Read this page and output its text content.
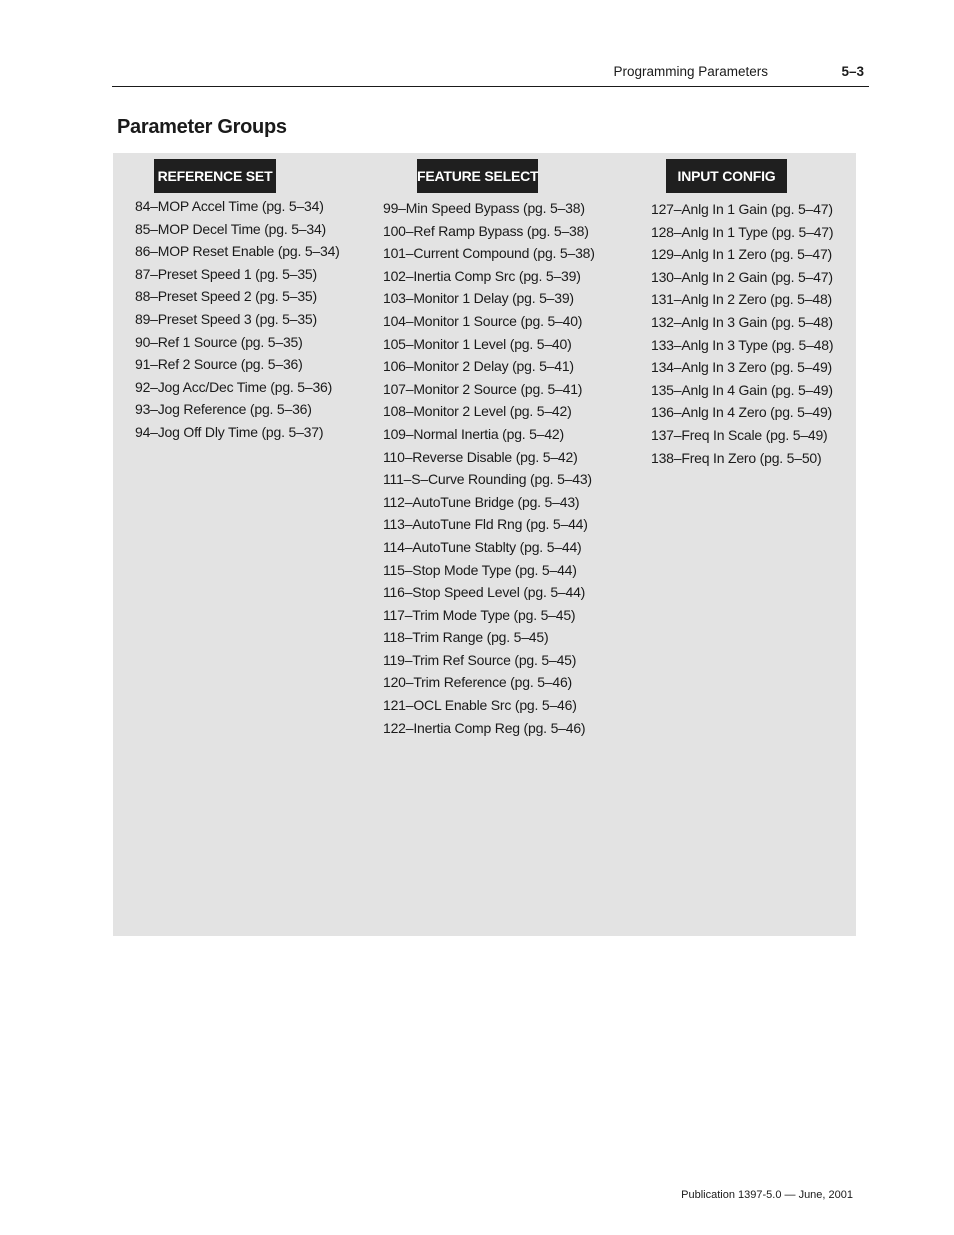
Programming Parameters	5–3
Parameter Groups
REFERENCE SET
84–MOP Accel Time (pg. 5–34)
85–MOP Decel Time (pg. 5–34)
86–MOP Reset Enable (pg. 5–34)
87–Preset Speed 1 (pg. 5–35)
88–Preset Speed 2 (pg. 5–35)
89–Preset Speed 3 (pg. 5–35)
90–Ref 1 Source (pg. 5–35)
91–Ref 2 Source (pg. 5–36)
92–Jog Acc/Dec Time (pg. 5–36)
93–Jog Reference (pg. 5–36)
94–Jog Off Dly Time (pg. 5–37)
FEATURE SELECT
99–Min Speed Bypass (pg. 5–38)
100–Ref Ramp Bypass (pg. 5–38)
101–Current Compound (pg. 5–38)
102–Inertia Comp Src (pg. 5–39)
103–Monitor 1 Delay (pg. 5–39)
104–Monitor 1 Source (pg. 5–40)
105–Monitor 1 Level (pg. 5–40)
106–Monitor 2 Delay (pg. 5–41)
107–Monitor 2 Source (pg. 5–41)
108–Monitor 2 Level (pg. 5–42)
109–Normal Inertia (pg. 5–42)
110–Reverse Disable (pg. 5–42)
111–S–Curve Rounding (pg. 5–43)
112–AutoTune Bridge (pg. 5–43)
113–AutoTune Fld Rng (pg. 5–44)
114–AutoTune Stablty (pg. 5–44)
115–Stop Mode Type (pg. 5–44)
116–Stop Speed Level (pg. 5–44)
117–Trim Mode Type (pg. 5–45)
118–Trim Range (pg. 5–45)
119–Trim Ref Source (pg. 5–45)
120–Trim Reference (pg. 5–46)
121–OCL Enable Src (pg. 5–46)
122–Inertia Comp Reg (pg. 5–46)
INPUT CONFIG
127–Anlg In 1 Gain (pg. 5–47)
128–Anlg In 1 Type (pg. 5–47)
129–Anlg In 1 Zero (pg. 5–47)
130–Anlg In 2 Gain (pg. 5–47)
131–Anlg In 2 Zero (pg. 5–48)
132–Anlg In 3 Gain (pg. 5–48)
133–Anlg In 3 Type (pg. 5–48)
134–Anlg In 3 Zero (pg. 5–49)
135–Anlg In 4 Gain (pg. 5–49)
136–Anlg In 4 Zero (pg. 5–49)
137–Freq In Scale (pg. 5–49)
138–Freq In Zero (pg. 5–50)
Publication 1397-5.0 — June, 2001
